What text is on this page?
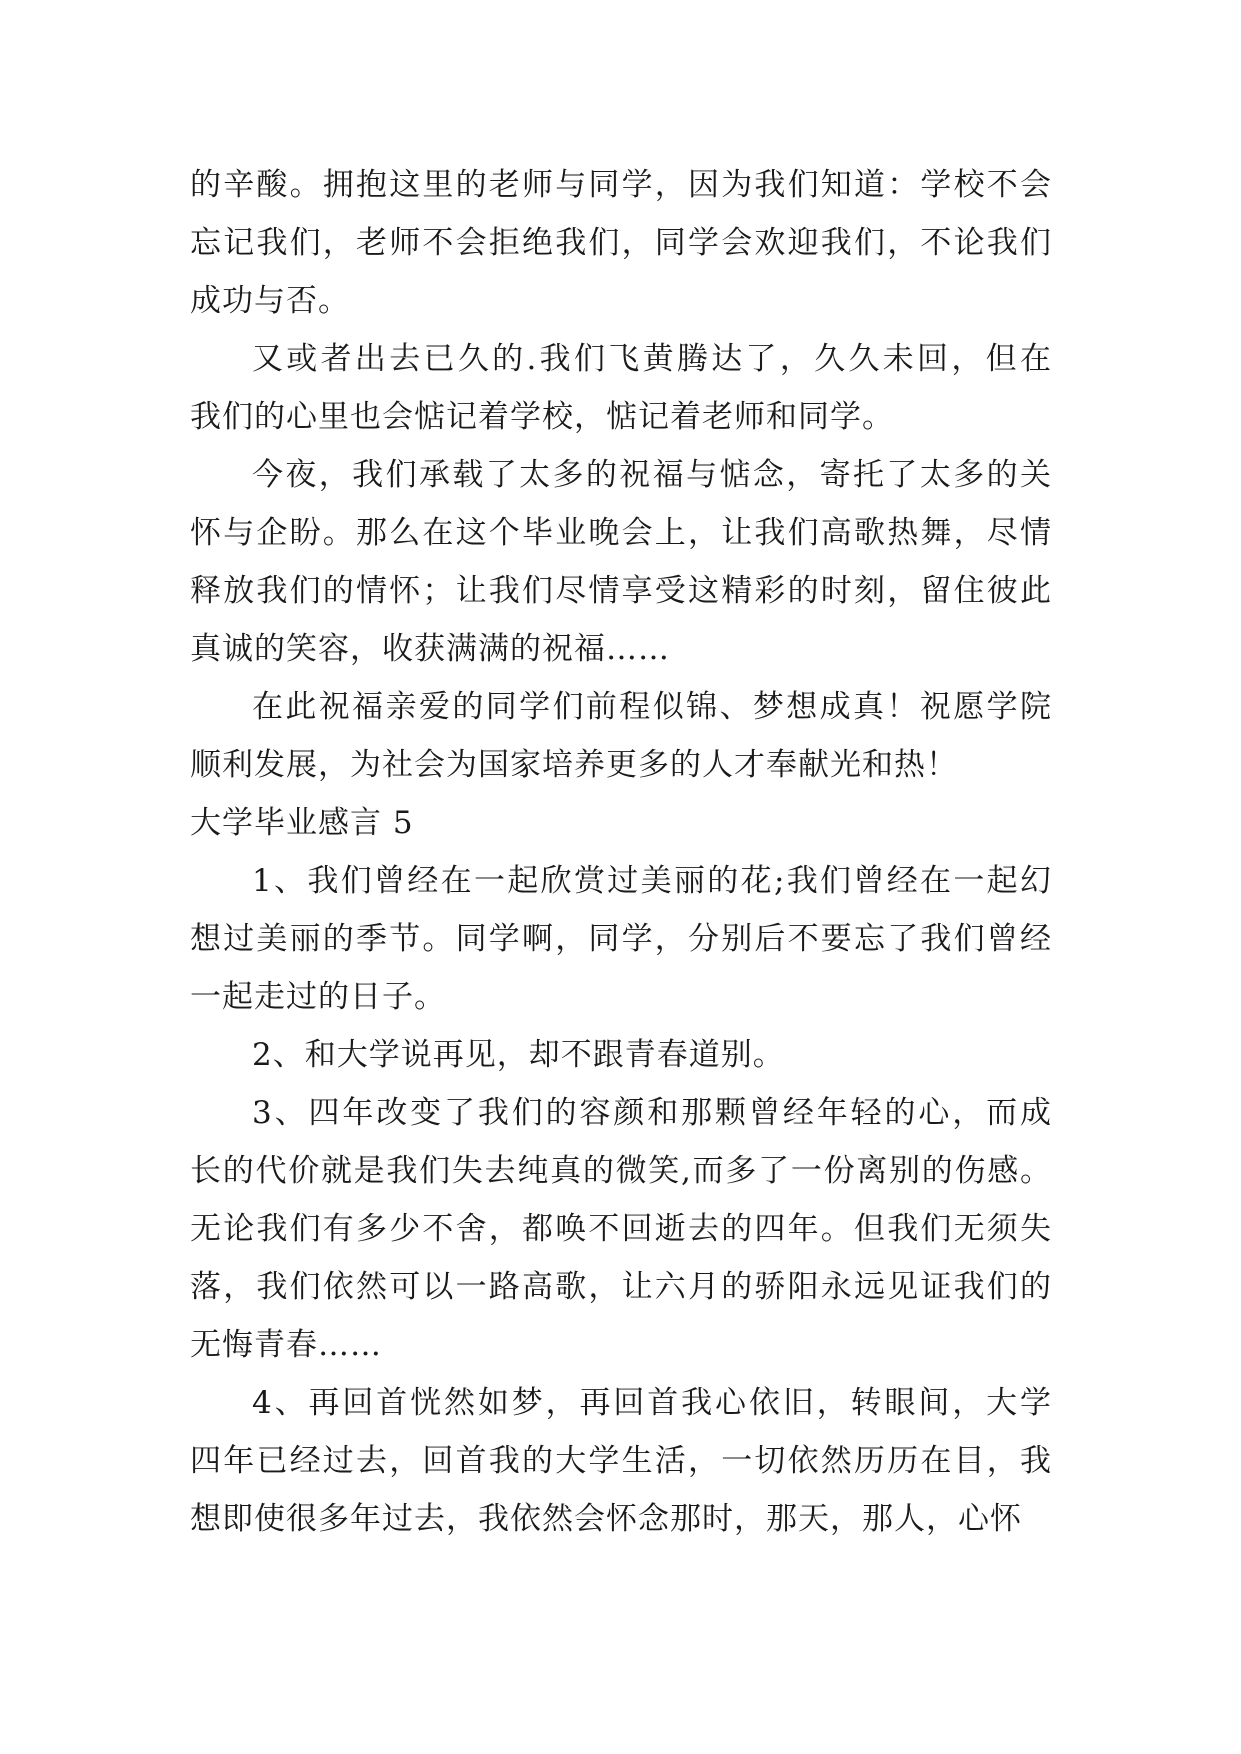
的辛酸。拥抱这里的老师与同学，因为我们知道：学校不会
忘记我们，老师不会拒绝我们，同学会欢迎我们，不论我们
成功与否。
又或者出去已久的.我们飞黄腾达了，久久未回，但在
我们的心里也会惦记着学校，惦记着老师和同学。
今夜，我们承载了太多的祝福与惦念，寄托了太多的关
怀与企盼。那么在这个毕业晚会上，让我们高歌热舞，尽情
释放我们的情怀；让我们尽情享受这精彩的时刻，留住彼此
真诚的笑容，收获满满的祝福……
在此祝福亲爱的同学们前程似锦、梦想成真！祝愿学院
顺利发展，为社会为国家培养更多的人才奉献光和热！
大学毕业感言 5
1、我们曾经在一起欣赏过美丽的花;我们曾经在一起幻
想过美丽的季节。同学啊，同学，分别后不要忘了我们曾经
一起走过的日子。
2、和大学说再见，却不跟青春道别。
3、四年改变了我们的容颜和那颗曾经年轻的心，而成
长的代价就是我们失去纯真的微笑,而多了一份离别的伤感。
无论我们有多少不舍，都唤不回逝去的四年。但我们无须失
落，我们依然可以一路高歌，让六月的骄阳永远见证我们的
无悔青春……
4、再回首恍然如梦，再回首我心依旧，转眼间，大学
四年已经过去，回首我的大学生活，一切依然历历在目，我
想即使很多年过去，我依然会怀念那时，那天，那人，心怀
